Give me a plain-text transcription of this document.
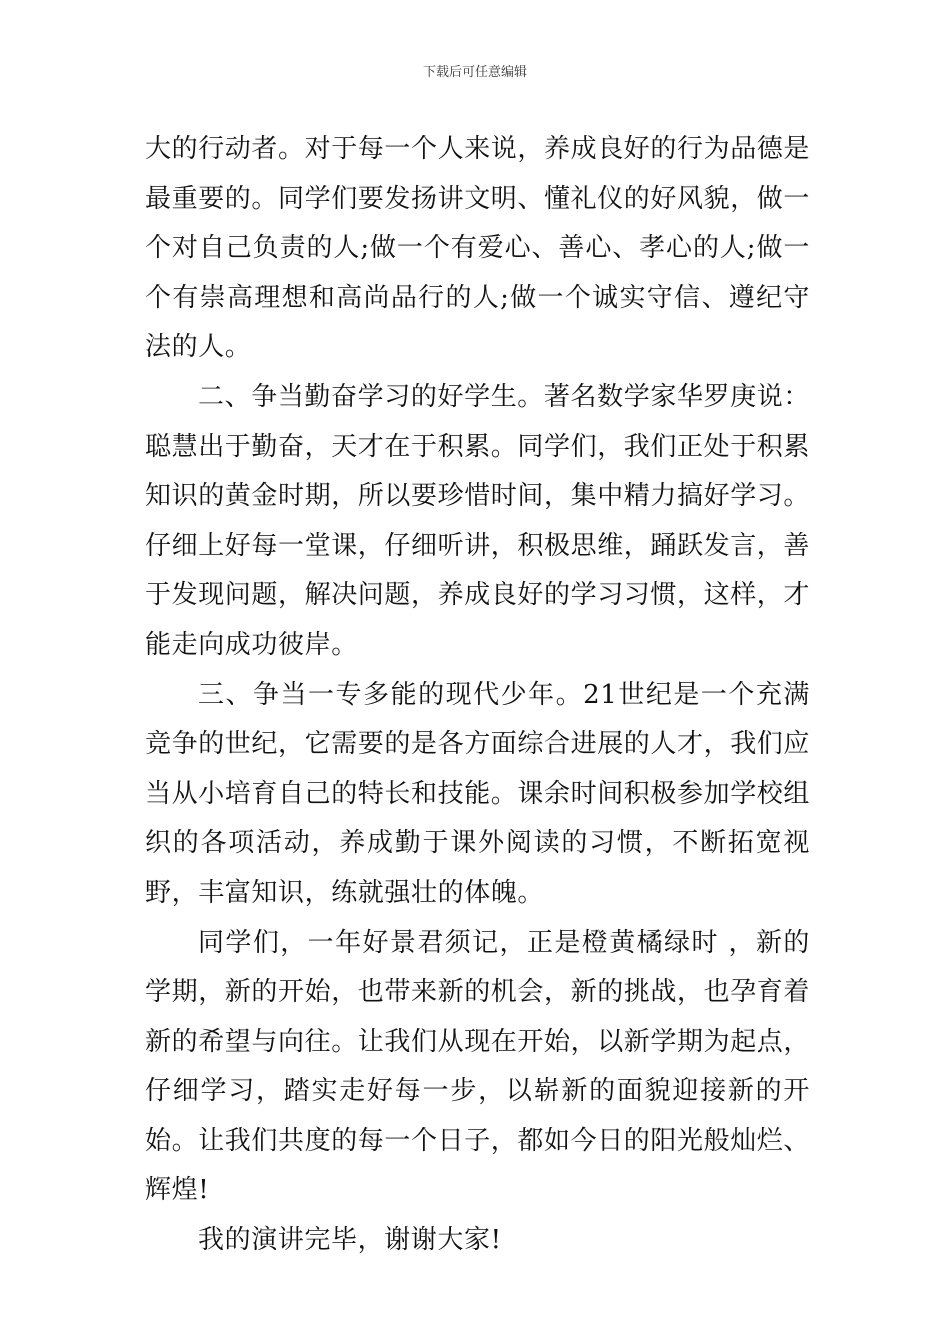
下载后可任意编辑

大的行动者。对于每一个人来说，养成良好的行为品德是最重要的。同学们要发扬讲文明、懂礼仪的好风貌，做一个对自己负责的人;做一个有爱心、善心、孝心的人;做一个有崇高理想和高尚品行的人;做一个诚实守信、遵纪守法的人。

二、争当勤奋学习的好学生。著名数学家华罗庚说：聪慧出于勤奋，天才在于积累。同学们，我们正处于积累知识的黄金时期，所以要珍惜时间，集中精力搞好学习。仔细上好每一堂课，仔细听讲，积极思维，踊跃发言，善于发现问题，解决问题，养成良好的学习习惯，这样，才能走向成功彼岸。

三、争当一专多能的现代少年。21世纪是一个充满竞争的世纪，它需要的是各方面综合进展的人才，我们应当从小培育自己的特长和技能。课余时间积极参加学校组织的各项活动，养成勤于课外阅读的习惯，不断拓宽视野，丰富知识，练就强壮的体魄。

同学们，一年好景君须记，正是橙黄橘绿时 ，新的学期，新的开始，也带来新的机会，新的挑战，也孕育着新的希望与向往。让我们从现在开始，以新学期为起点，仔细学习，踏实走好每一步，以崭新的面貌迎接新的开始。让我们共度的每一个日子，都如今日的阳光般灿烂、辉煌!

我的演讲完毕，谢谢大家!
